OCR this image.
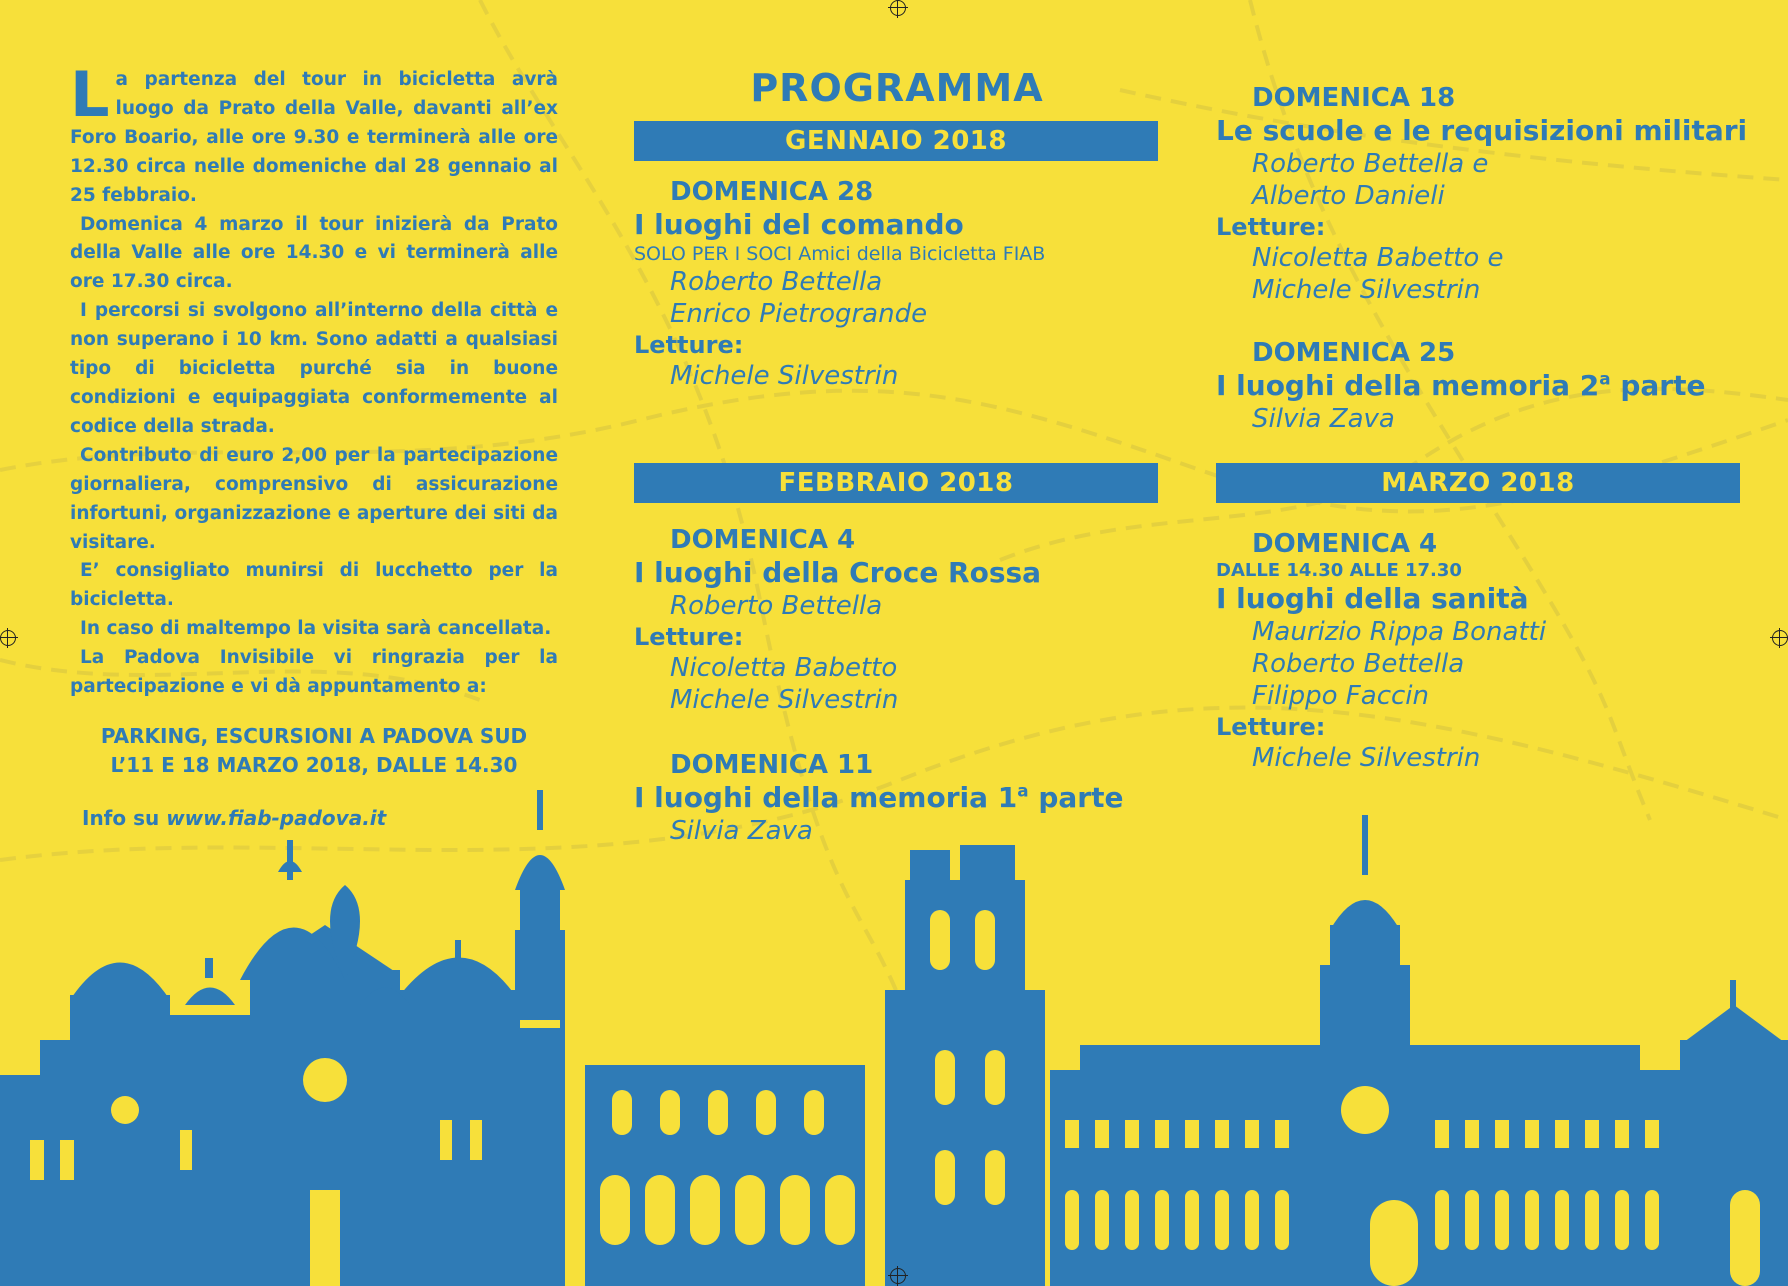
La partenza del tour in bicicletta avrà luogo da Prato della Valle, davanti all’ex Foro Boario, alle ore 9.30 e terminerà alle ore 12.30 circa nelle domeniche dal 28 gennaio al 25 febbraio.

Domenica 4 marzo il tour inizierà da Prato della Valle alle ore 14.30 e vi terminerà alle ore 17.30 circa.

I percorsi si svolgono all’interno della città e non superano i 10 km. Sono adatti a qualsiasi tipo di bicicletta purché sia in buone condizioni e equipaggiata conformemente al codice della strada.

Contributo di euro 2,00 per la partecipazione giornaliera, comprensivo di assicurazione infortuni, organizzazione e aperture dei siti da visitare.

E’ consigliato munirsi di lucchetto per la bicicletta.

In caso di maltempo la visita sarà cancellata.

La Padova Invisibile vi ringrazia per la partecipazione e vi dà appuntamento a:

PARKING, ESCURSIONI A PADOVA SUD
L’11 E 18 MARZO 2018, DALLE 14.30
Info su www.fiab-padova.it
PROGRAMMA
GENNAIO 2018
DOMENICA 28
I luoghi del comando
SOLO PER I SOCI Amici della Bicicletta FIAB
Roberto Bettella
Enrico Pietrogrande
Letture:
Michele Silvestrin
FEBBRAIO 2018
DOMENICA 4
I luoghi della Croce Rossa
Roberto Bettella
Letture:
Nicoletta Babetto
Michele Silvestrin
DOMENICA 11
I luoghi della memoria 1$^a$ parte
Silvia Zava
DOMENICA 18
Le scuole e le requisizioni militari
Roberto Bettella e
Alberto Danieli
Letture:
Nicoletta Babetto e
Michele Silvestrin
DOMENICA 25
I luoghi della memoria 2$^a$ parte
Silvia Zava
MARZO 2018
DOMENICA 4
DALLE 14.30 ALLE 17.30
I luoghi della sanità
Maurizio Rippa Bonatti
Roberto Bettella
Filippo Faccin
Letture:
Michele Silvestrin
